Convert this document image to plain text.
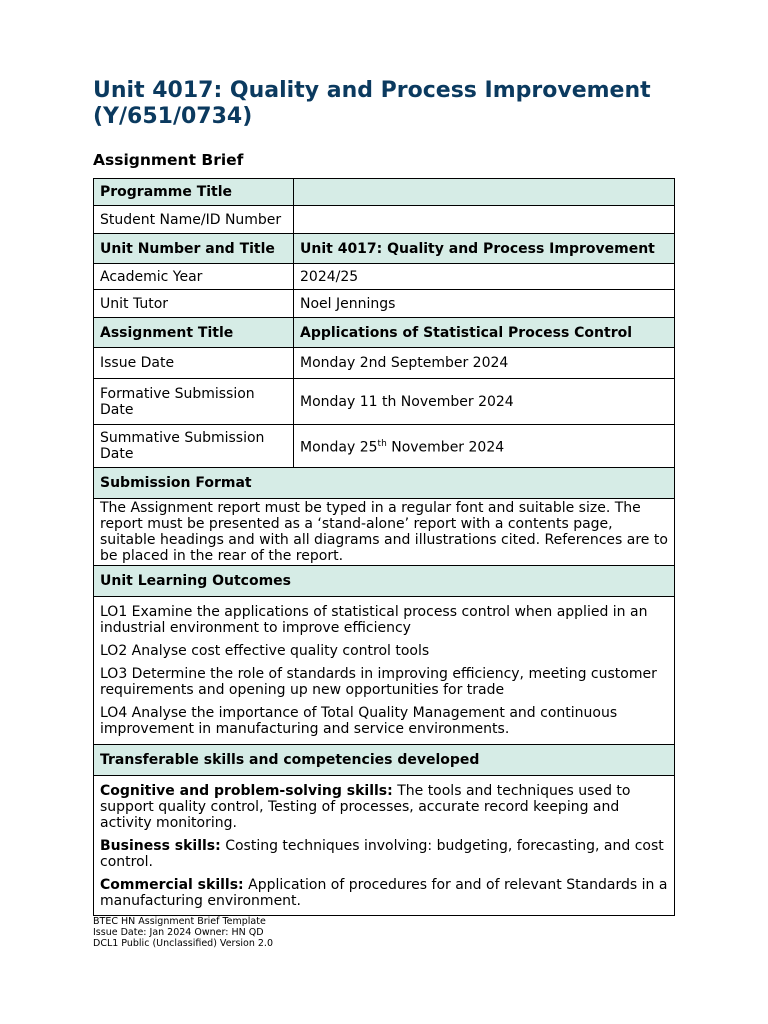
Unit 4017: Quality and Process Improvement (Y/651/0734)
Assignment Brief
Programme Title	
Student Name/ID Number	
Unit Number and Title	Unit 4017: Quality and Process Improvement
Academic Year	2024/25
Unit Tutor	Noel Jennings
Assignment Title	Applications of Statistical Process Control
Issue Date	Monday 2nd September 2024
Formative Submission Date	Monday 11 th November 2024
Summative Submission Date	Monday 25th November 2024
Submission Format	
The Assignment report must be typed in a regular font and suitable size. The report must be presented as a ‘stand-alone’ report with a contents page, suitable headings and with all diagrams and illustrations cited. References are to be placed in the rear of the report.	
Unit Learning Outcomes	

LO1 Examine the applications of statistical process control when applied in an industrial environment to improve efficiency

LO2 Analyse cost effective quality control tools

LO3 Determine the role of standards in improving efficiency, meeting customer requirements and opening up new opportunities for trade

LO4 Analyse the importance of Total Quality Management and continuous improvement in manufacturing and service environments.	

Transferable skills and competencies developed	

Cognitive and problem-solving skills: The tools and techniques used to support quality control, Testing of processes, accurate record keeping and activity monitoring.

Business skills: Costing techniques involving: budgeting, forecasting, and cost control.

Commercial skills: Application of procedures for and of relevant Standards in a manufacturing environment.	

BTEC HN Assignment Brief Template
Issue Date: Jan 2024 Owner: HN QD
DCL1 Public (Unclassified) Version 2.0
